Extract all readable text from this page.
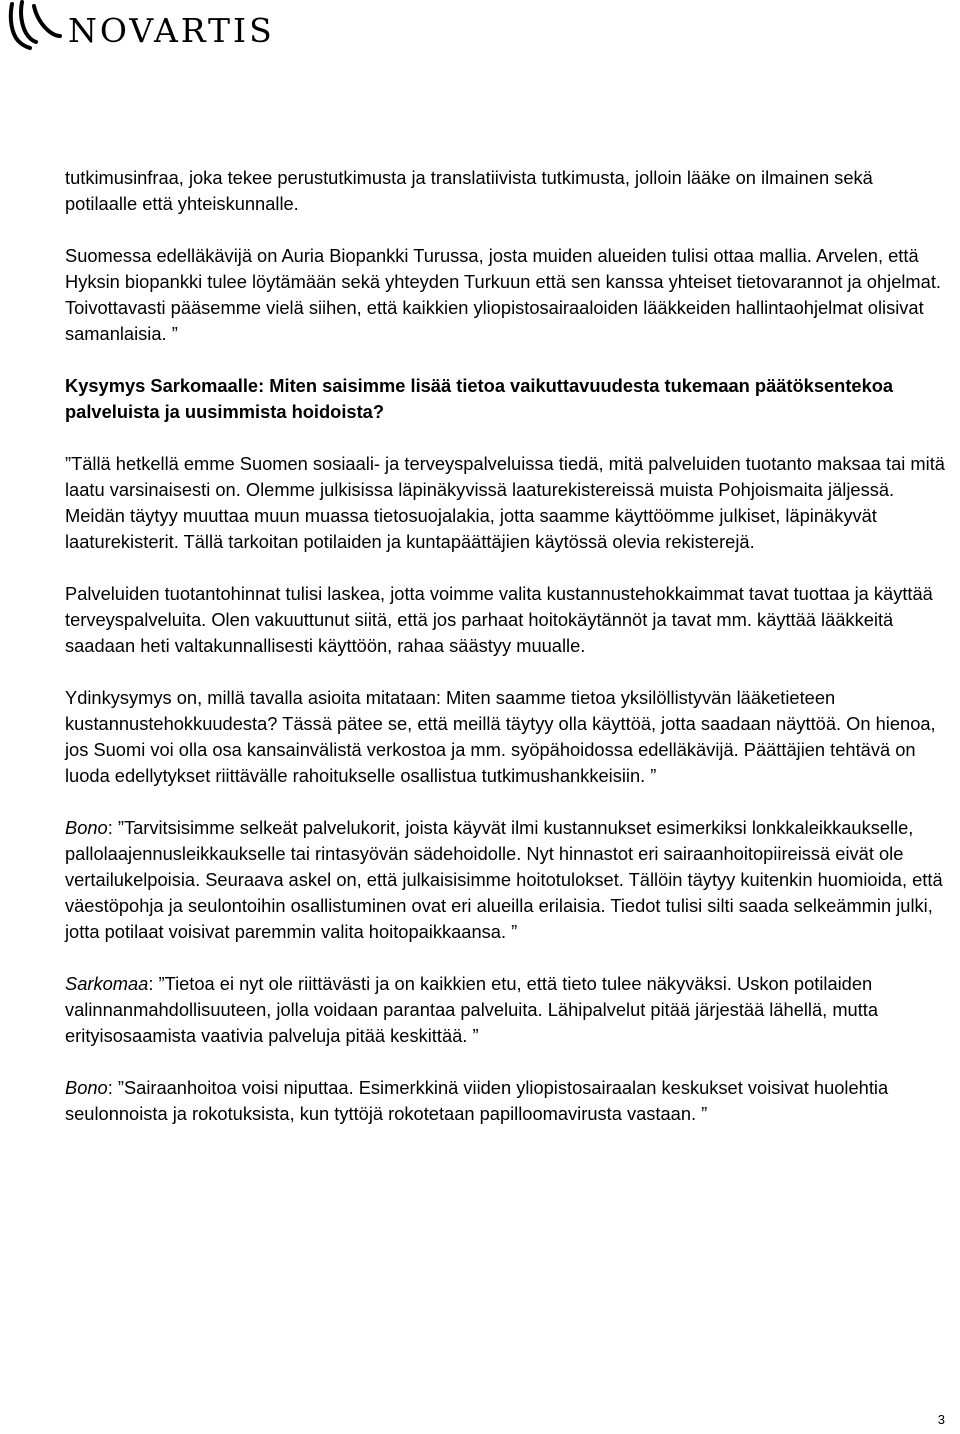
NOVARTIS

tutkimusinfraa, joka tekee perustutkimusta ja translatiivista tutkimusta, jolloin lääke on ilmainen sekä potilaalle että yhteiskunnalle.

Suomessa edelläkävijä on Auria Biopankki Turussa, josta muiden alueiden tulisi ottaa mallia. Arvelen, että Hyksin biopankki tulee löytämään sekä yhteyden Turkuun että sen kanssa yhteiset tietovarannot ja ohjelmat. Toivottavasti pääsemme vielä siihen, että kaikkien yliopistosairaaloiden lääkkeiden hallintaohjelmat olisivat samanlaisia. ”

Kysymys Sarkomaalle: Miten saisimme lisää tietoa vaikuttavuudesta tukemaan päätöksentekoa palveluista ja uusimmista hoidoista?

”Tällä hetkellä emme Suomen sosiaali- ja terveyspalveluissa tiedä, mitä palveluiden tuotanto maksaa tai mitä laatu varsinaisesti on. Olemme julkisissa läpinäkyvissä laaturekistereissä muista Pohjoismaita jäljessä.

Meidän täytyy muuttaa muun muassa tietosuojalakia, jotta saamme käyttöömme julkiset, läpinäkyvät laaturekisterit. Tällä tarkoitan potilaiden ja kuntapäättäjien käytössä olevia rekisterejä.

Palveluiden tuotantohinnat tulisi laskea, jotta voimme valita kustannustehokkaimmat tavat tuottaa ja käyttää terveyspalveluita. Olen vakuuttunut siitä, että jos parhaat hoitokäytännöt ja tavat mm. käyttää lääkkeitä saadaan heti valtakunnallisesti käyttöön, rahaa säästyy muualle.

Ydinkysymys on, millä tavalla asioita mitataan: Miten saamme tietoa yksilöllistyvän lääketieteen kustannustehokkuudesta? Tässä pätee se, että meillä täytyy olla käyttöä, jotta saadaan näyttöä. On hienoa, jos Suomi voi olla osa kansainvälistä verkostoa ja mm. syöpähoidossa edelläkävijä. Päättäjien tehtävä on luoda edellytykset riittävälle rahoitukselle osallistua tutkimushankkeisiin. ”

Bono: ”Tarvitsisimme selkeät palvelukorit, joista käyvät ilmi kustannukset esimerkiksi lonkkaleikkaukselle, pallolaajennusleikkaukselle tai rintasyövän sädehoidolle. Nyt hinnastot eri sairaanhoitopiireissä eivät ole vertailukelpoisia. Seuraava askel on, että julkaisisimme hoitotulokset. Tällöin täytyy kuitenkin huomioida, että väestöpohja ja seulontoihin osallistuminen ovat eri alueilla erilaisia. Tiedot tulisi silti saada selkeämmin julki, jotta potilaat voisivat paremmin valita hoitopaikkaansa. ”

Sarkomaa: ”Tietoa ei nyt ole riittävästi ja on kaikkien etu, että tieto tulee näkyväksi. Uskon potilaiden valinnanmahdollisuuteen, jolla voidaan parantaa palveluita. Lähipalvelut pitää järjestää lähellä, mutta erityisosaamista vaativia palveluja pitää keskittää. ”

Bono: ”Sairaanhoitoa voisi niputtaa. Esimerkkinä viiden yliopistosairaalan keskukset voisivat huolehtia seulonnoista ja rokotuksista, kun tyttöjä rokotetaan papilloomavirusta vastaan. ”

3
